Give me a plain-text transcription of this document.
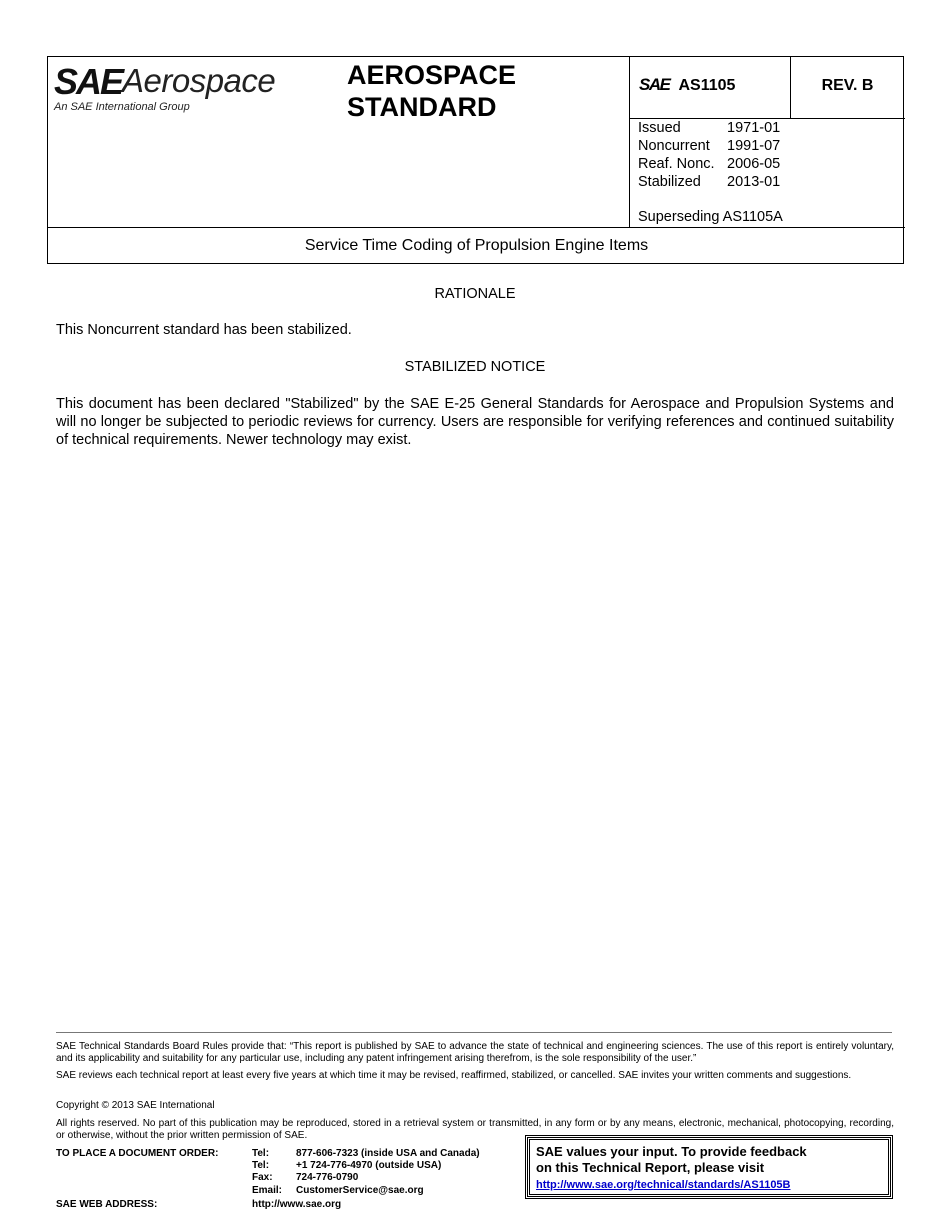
SAE Aerospace
An SAE International Group
AEROSPACE
STANDARD
SAE AS1105	REV. B
Issued	1971-01
Noncurrent	1991-07
Reaf. Nonc. 2006-05
Stabilized	2013-01
Superseding AS1105A
Service Time Coding of Propulsion Engine Items
RATIONALE
This Noncurrent standard has been stabilized.
STABILIZED NOTICE
This document has been declared "Stabilized" by the SAE E-25 General Standards for Aerospace and Propulsion Systems and will no longer be subjected to periodic reviews for currency. Users are responsible for verifying references and continued suitability of technical requirements. Newer technology may exist.
SAE Technical Standards Board Rules provide that: “This report is published by SAE to advance the state of technical and engineering sciences. The use of this report is entirely voluntary, and its applicability and suitability for any particular use, including any patent infringement arising therefrom, is the sole responsibility of the user.”
SAE reviews each technical report at least every five years at which time it may be revised, reaffirmed, stabilized, or cancelled. SAE invites your written comments and suggestions.
Copyright © 2013 SAE International
All rights reserved. No part of this publication may be reproduced, stored in a retrieval system or transmitted, in any form or by any means, electronic, mechanical, photocopying, recording, or otherwise, without the prior written permission of SAE.
TO PLACE A DOCUMENT ORDER:	Tel:	877-606-7323 (inside USA and Canada)
Tel:	+1 724-776-4970 (outside USA)
Fax:	724-776-0790
Email:	CustomerService@sae.org
SAE WEB ADDRESS:	http://www.sae.org
SAE values your input. To provide feedback
on this Technical Report, please visit
http://www.sae.org/technical/standards/AS1105B
